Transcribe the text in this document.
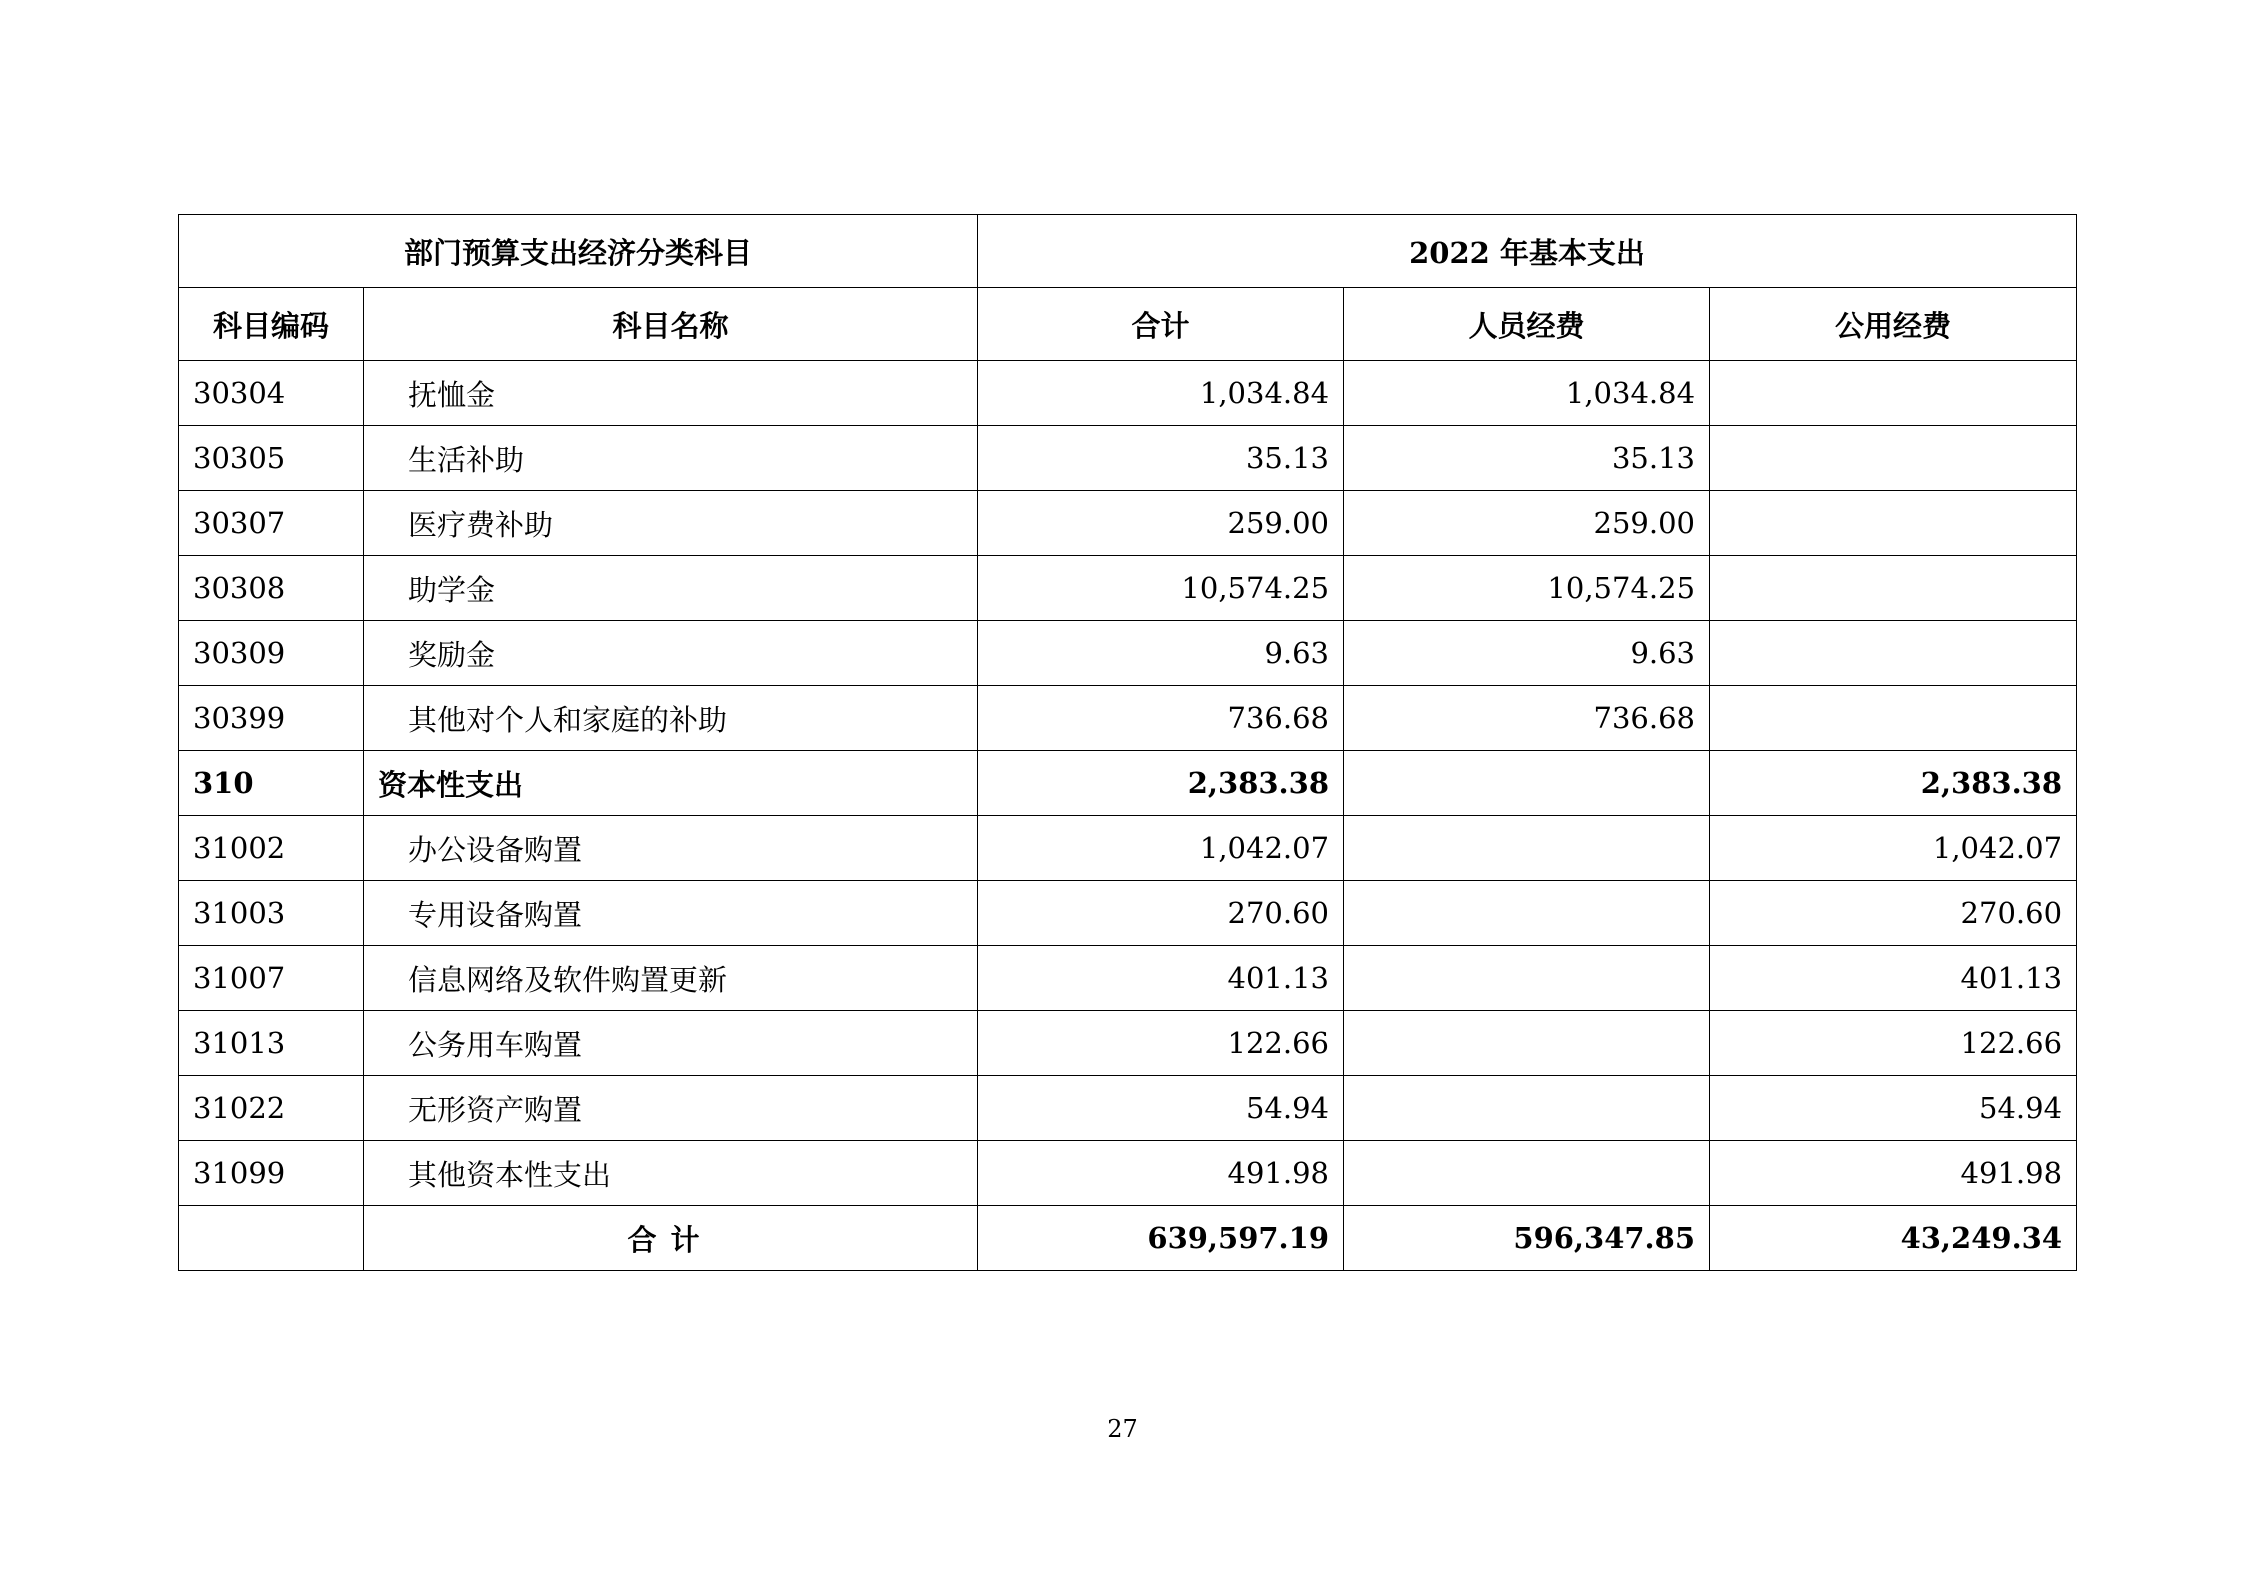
部门预算支出经济分类科目		2022 年基本支出		
科目编码	科目名称	合计	人员经费	公用经费
30304	抚恤金	1,034.84	1,034.84	
30305	生活补助	35.13	35.13	
30307	医疗费补助	259.00	259.00	
30308	助学金	10,574.25	10,574.25	
30309	奖励金	9.63	9.63	
30399	其他对个人和家庭的补助	736.68	736.68	
310	资本性支出	2,383.38		2,383.38
31002	办公设备购置	1,042.07		1,042.07
31003	专用设备购置	270.60		270.60
31007	信息网络及软件购置更新	401.13		401.13
31013	公务用车购置	122.66		122.66
31022	无形资产购置	54.94		54.94
31099	其他资本性支出	491.98		491.98
	合计	639,597.19	596,347.85	43,249.34
27
